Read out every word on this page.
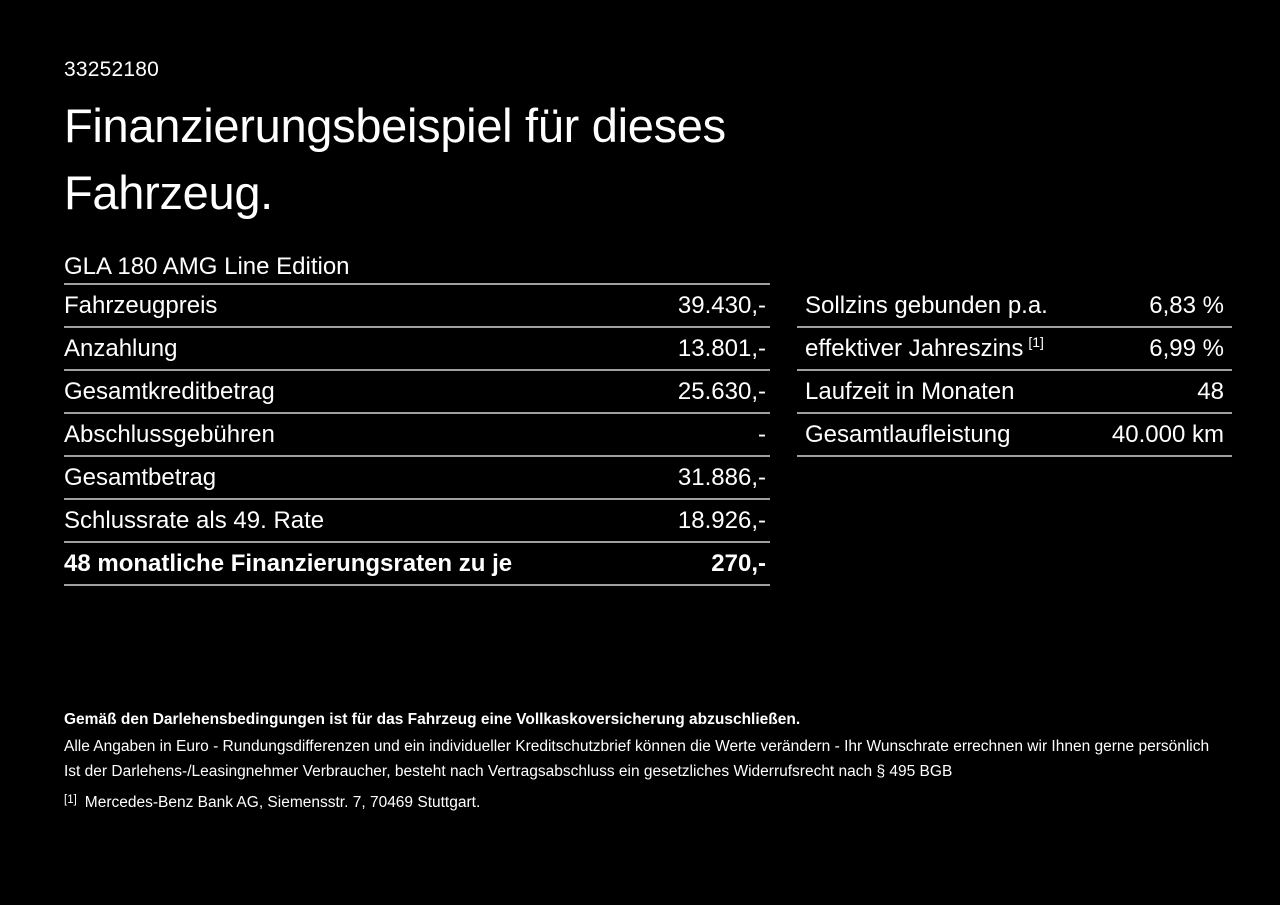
33252180
Finanzierungsbeispiel für dieses Fahrzeug.
GLA 180 AMG Line Edition
Fahrzeugpreis	39.430,-
Anzahlung	13.801,-
Gesamtkreditbetrag	25.630,-
Abschlussgebühren	-
Gesamtbetrag	31.886,-
Schlussrate als 49. Rate	18.926,-
48 monatliche Finanzierungsraten zu je	270,-
Sollzins gebunden p.a.	6,83 %
effektiver Jahreszins [1]	6,99 %
Laufzeit in Monaten	48
Gesamtlaufleistung	40.000 km
Gemäß den Darlehensbedingungen ist für das Fahrzeug eine Vollkaskoversicherung abzuschließen.
Alle Angaben in Euro - Rundungsdifferenzen und ein individueller Kreditschutzbrief können die Werte verändern - Ihr Wunschrate errechnen wir Ihnen gerne persönlich
Ist der Darlehens-/Leasingnehmer Verbraucher, besteht nach Vertragsabschluss ein gesetzliches Widerrufsrecht nach § 495 BGB
[1] Mercedes-Benz Bank AG, Siemensstr. 7, 70469 Stuttgart.
